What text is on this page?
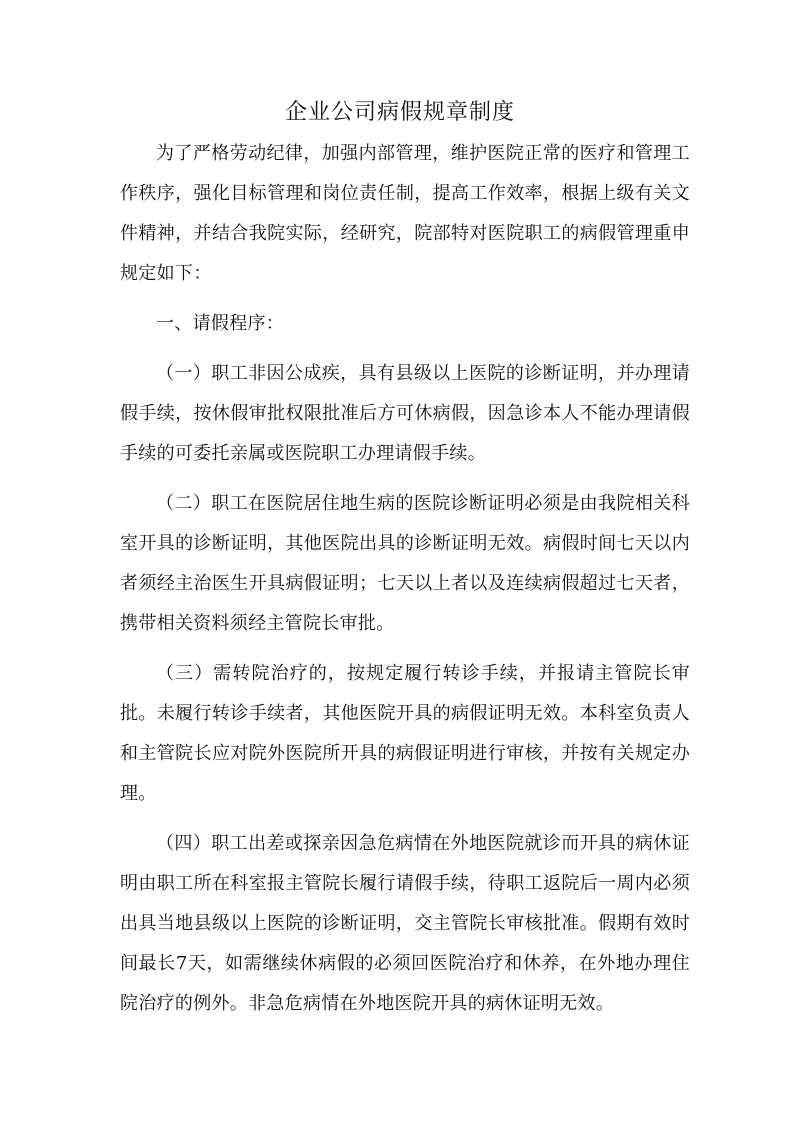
企业公司病假规章制度

为了严格劳动纪律，加强内部管理，维护医院正常的医疗和管理工作秩序，强化目标管理和岗位责任制，提高工作效率，根据上级有关文件精神，并结合我院实际，经研究，院部特对医院职工的病假管理重申规定如下：

一、请假程序：

（一）职工非因公成疾，具有县级以上医院的诊断证明，并办理请假手续，按休假审批权限批准后方可休病假，因急诊本人不能办理请假手续的可委托亲属或医院职工办理请假手续。

（二）职工在医院居住地生病的医院诊断证明必须是由我院相关科室开具的诊断证明，其他医院出具的诊断证明无效。病假时间七天以内者须经主治医生开具病假证明；七天以上者以及连续病假超过七天者，携带相关资料须经主管院长审批。

（三）需转院治疗的，按规定履行转诊手续，并报请主管院长审批。未履行转诊手续者，其他医院开具的病假证明无效。本科室负责人和主管院长应对院外医院所开具的病假证明进行审核，并按有关规定办理。

（四）职工出差或探亲因急危病情在外地医院就诊而开具的病休证明由职工所在科室报主管院长履行请假手续，待职工返院后一周内必须出具当地县级以上医院的诊断证明，交主管院长审核批准。假期有效时间最长7天，如需继续休病假的必须回医院治疗和休养，在外地办理住院治疗的例外。非急危病情在外地医院开具的病休证明无效。
